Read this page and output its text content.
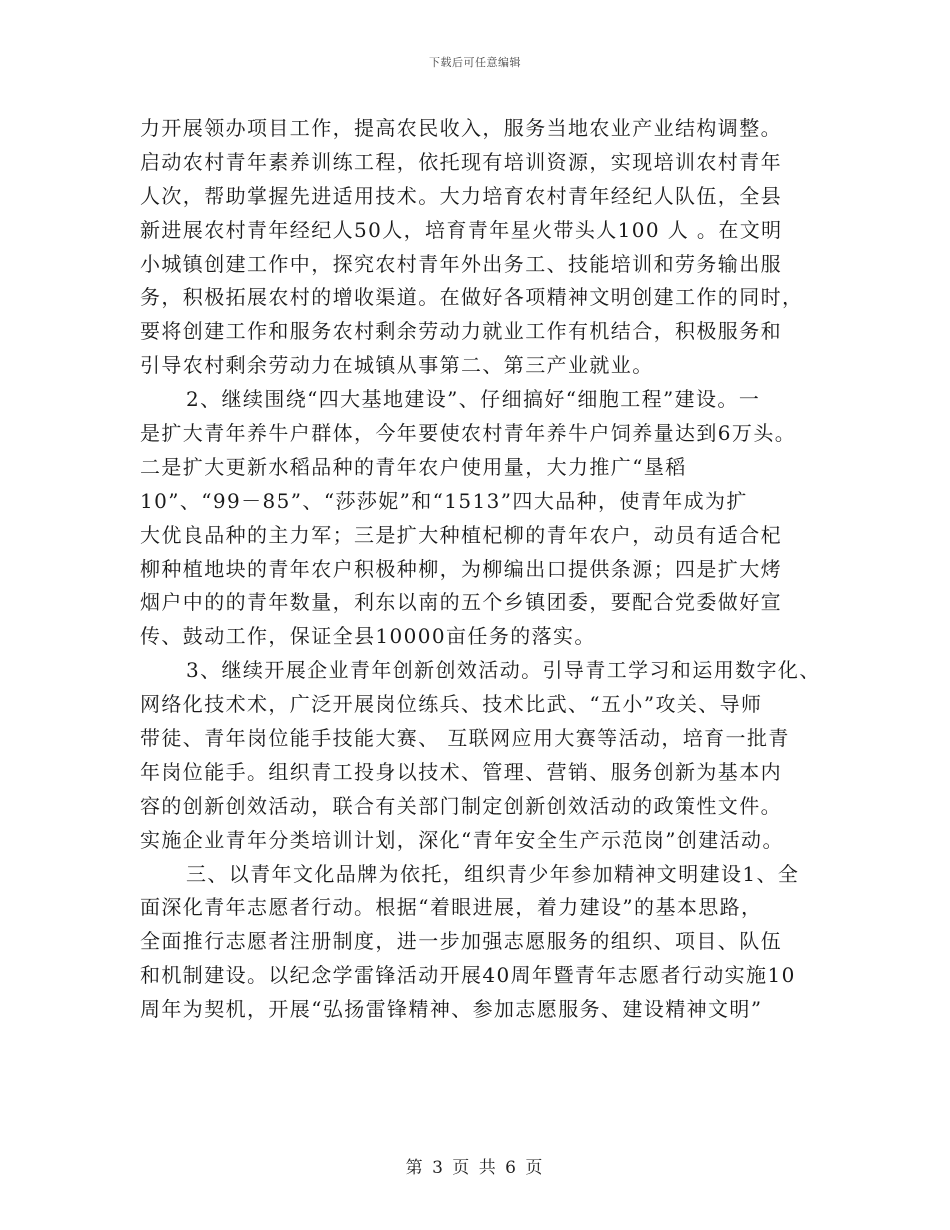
下载后可任意编辑
力开展领办项目工作，提高农民收入，服务当地农业产业结构调整。
启动农村青年素养训练工程，依托现有培训资源，实现培训农村青年
人次，帮助掌握先进适用技术。大力培育农村青年经纪人队伍，全县
新进展农村青年经纪人50人，培育青年星火带头人100 人 。在文明
小城镇创建工作中，探究农村青年外出务工、技能培训和劳务输出服
务，积极拓展农村的增收渠道。在做好各项精神文明创建工作的同时，
要将创建工作和服务农村剩余劳动力就业工作有机结合，积极服务和
引导农村剩余劳动力在城镇从事第二、第三产业就业。
2、继续围绕“四大基地建设”、仔细搞好“细胞工程”建设。一
是扩大青年养牛户群体，今年要使农村青年养牛户饲养量达到6万头。
二是扩大更新水稻品种的青年农户使用量，大力推广“垦稻
10”、“99－85”、“莎莎妮”和“1513”四大品种，使青年成为扩
大优良品种的主力军；三是扩大种植杞柳的青年农户，动员有适合杞
柳种植地块的青年农户积极种柳，为柳编出口提供条源；四是扩大烤
烟户中的的青年数量，利东以南的五个乡镇团委，要配合党委做好宣
传、鼓动工作，保证全县10000亩任务的落实。
3、继续开展企业青年创新创效活动。引导青工学习和运用数字化、
网络化技术术，广泛开展岗位练兵、技术比武、“五小”攻关、导师
带徒、青年岗位能手技能大赛、 互联网应用大赛等活动，培育一批青
年岗位能手。组织青工投身以技术、管理、营销、服务创新为基本内
容的创新创效活动，联合有关部门制定创新创效活动的政策性文件。
实施企业青年分类培训计划，深化“青年安全生产示范岗”创建活动。
三、以青年文化品牌为依托，组织青少年参加精神文明建设1、全
面深化青年志愿者行动。根据“着眼进展，着力建设”的基本思路，
全面推行志愿者注册制度，进一步加强志愿服务的组织、项目、队伍
和机制建设。以纪念学雷锋活动开展40周年暨青年志愿者行动实施10
周年为契机，开展“弘扬雷锋精神、参加志愿服务、建设精神文明”
第 3 页 共 6 页
